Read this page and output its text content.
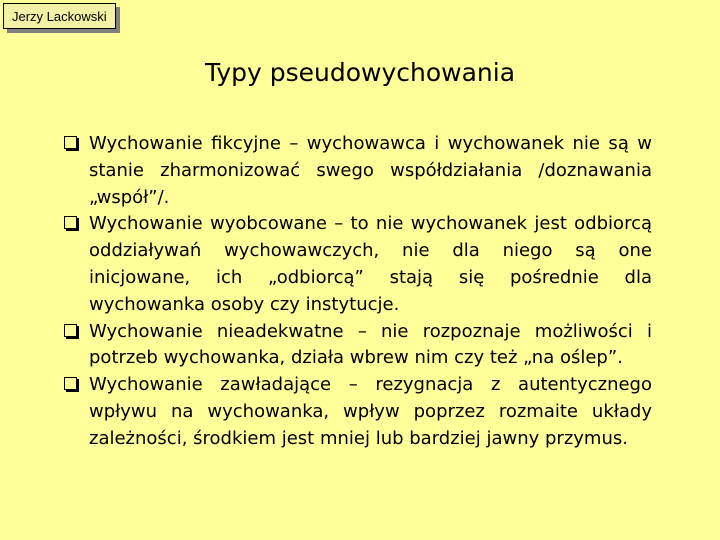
Jerzy Lackowski
Typy pseudowychowania
Wychowanie fikcyjne – wychowawca i wychowanek nie są w stanie zharmonizować swego współdziałania /doznawania „współ”/.
Wychowanie wyobcowane – to nie wychowanek jest odbiorcą oddziaływań wychowawczych, nie dla niego są one inicjowane, ich „odbiorcą” stają się pośrednie dla wychowanka osoby czy instytucje.
Wychowanie nieadekwatne – nie rozpoznaje możliwości i potrzeb wychowanka, działa wbrew nim czy też „na oślep”.
Wychowanie zawładające – rezygnacja z autentycznego wpływu na wychowanka, wpływ poprzez rozmaite układy zależności, środkiem jest mniej lub bardziej jawny przymus.
